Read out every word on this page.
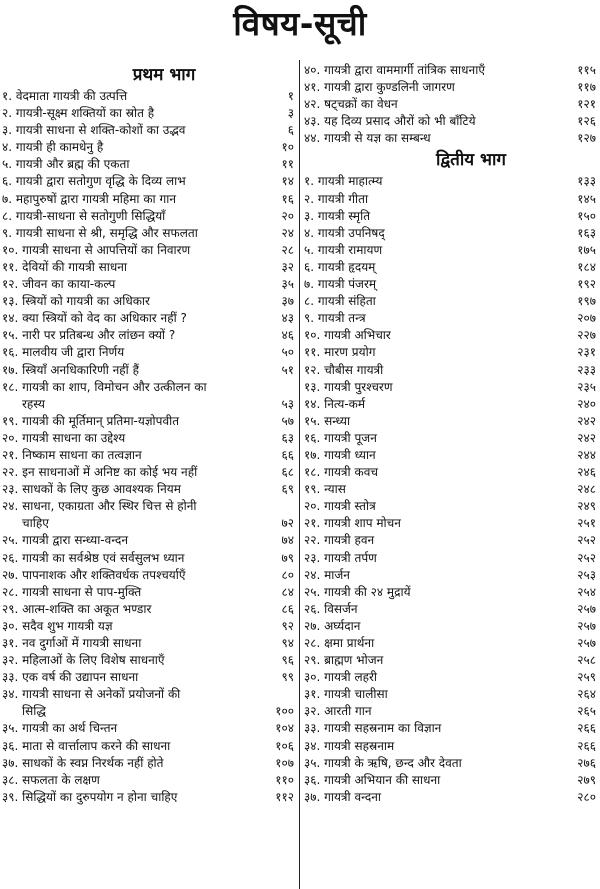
विषय-सूची
प्रथम भाग
१. वेदमाता गायत्री की उत्पत्ति	१
२. गायत्री-सूक्ष्म शक्तियों का स्रोत है	३
३. गायत्री साधना से शक्ति-कोशों का उद्भव	६
४. गायत्री ही कामधेनु है	१०
५. गायत्री और ब्रह्म की एकता	११
६. गायत्री द्वारा सतोगुण वृद्धि के दिव्य लाभ	१४
७. महापुरुषों द्वारा गायत्री महिमा का गान	१६
८. गायत्री-साधना से सतोगुणी सिद्धियाँ	२०
९. गायत्री साधना से श्री, समृद्धि और सफलता	२४
१०. गायत्री साधना से आपत्तियों का निवारण	२८
११. देवियों की गायत्री साधना	३२
१२. जीवन का काया-कल्प	३५
१३. स्त्रियों को गायत्री का अधिकार	३७
१४. क्या स्त्रियों को वेद का अधिकार नहीं ?	४३
१५. नारी पर प्रतिबन्ध और लांछन क्यों ?	४६
१६. मालवीय जी द्वारा निर्णय	५०
१७. स्त्रियाँ अनधिकारिणी नहीं हैं	५१
१८. गायत्री का शाप, विमोचन और उत्कीलन का
रहस्य	५३
१९. गायत्री की मूर्तिमान् प्रतिमा-यज्ञोपवीत	५७
२०. गायत्री साधना का उद्देश्य	६३
२१. निष्काम साधना का तत्वज्ञान	६६
२२. इन साधनाओं में अनिष्ट का कोई भय नहीं	६८
२३. साधकों के लिए कुछ आवश्यक नियम	६९
२४. साधना, एकाग्रता और स्थिर चित्त से होनी
चाहिए	७२
२५. गायत्री द्वारा सन्ध्या-वन्दन	७४
२६. गायत्री का सर्वश्रेष्ठ एवं सर्वसुलभ ध्यान	७९
२७. पापनाशक और शक्तिवर्धक तपश्चर्याएँ	८०
२८. गायत्री साधना से पाप-मुक्ति	८४
२९. आत्म-शक्ति का अकूत भण्डार	८६
३०. सदैव शुभ गायत्री यज्ञ	९२
३१. नव दुर्गाओं में गायत्री साधना	९४
३२. महिलाओं के लिए विशेष साधनाएँ	९६
३३. एक वर्ष की उद्यापन साधना	९९
३४. गायत्री साधना से अनेकों प्रयोजनों की
सिद्धि	१००
३५. गायत्री का अर्थ चिन्तन	१०४
३६. माता से वार्त्तालाप करने की साधना	१०६
३७. साधकों के स्वप्न निरर्थक नहीं होते	१०७
३८. सफलता के लक्षण	११०
३९. सिद्धियों का दुरुपयोग न होना चाहिए	११२
४०. गायत्री द्वारा वाममार्गी तांत्रिक साधनाएँ	११५
४१. गायत्री द्वारा कुण्डलिनी जागरण	११७
४२. षट्चक्रों का वेधन	१२१
४३. यह दिव्य प्रसाद औरों को भी बाँटिये	१२६
४४. गायत्री से यज्ञ का सम्बन्ध	१२७
द्वितीय भाग
१. गायत्री माहात्म्य	१३३
२. गायत्री गीता	१४५
३. गायत्री स्मृति	१५०
४. गायत्री उपनिषद्	१६३
५. गायत्री रामायण	१७५
६. गायत्री हृदयम्	१८४
७. गायत्री पंजरम्	१९२
८. गायत्री संहिता	१९७
९. गायत्री तन्त्र	२०७
१०. गायत्री अभिचार	२२७
११. मारण प्रयोग	२३१
१२. चौबीस गायत्री	२३३
१३. गायत्री पुरश्चरण	२३५
१४. नित्य-कर्म	२४०
१५. सन्ध्या	२४२
१६. गायत्री पूजन	२४२
१७. गायत्री ध्यान	२४४
१८. गायत्री कवच	२४६
१९. न्यास	२४८
२०. गायत्री स्तोत्र	२४९
२१. गायत्री शाप मोचन	२५१
२२. गायत्री हवन	२५२
२३. गायत्री तर्पण	२५२
२४. मार्जन	२५३
२५. गायत्री की २४ मुद्रायें	२५४
२६. विसर्जन	२५७
२७. अर्घ्यदान	२५७
२८. क्षमा प्रार्थना	२५७
२९. ब्राह्मण भोजन	२५८
३०. गायत्री लहरी	२५९
३१. गायत्री चालीसा	२६४
३२. आरती गान	२६५
३३. गायत्री सहस्रनाम का विज्ञान	२६६
३४. गायत्री सहस्रनाम	२६६
३५. गायत्री के ऋषि, छन्द और देवता	२७६
३६. गायत्री अभियान की साधना	२७९
३७. गायत्री वन्दना	२८०
